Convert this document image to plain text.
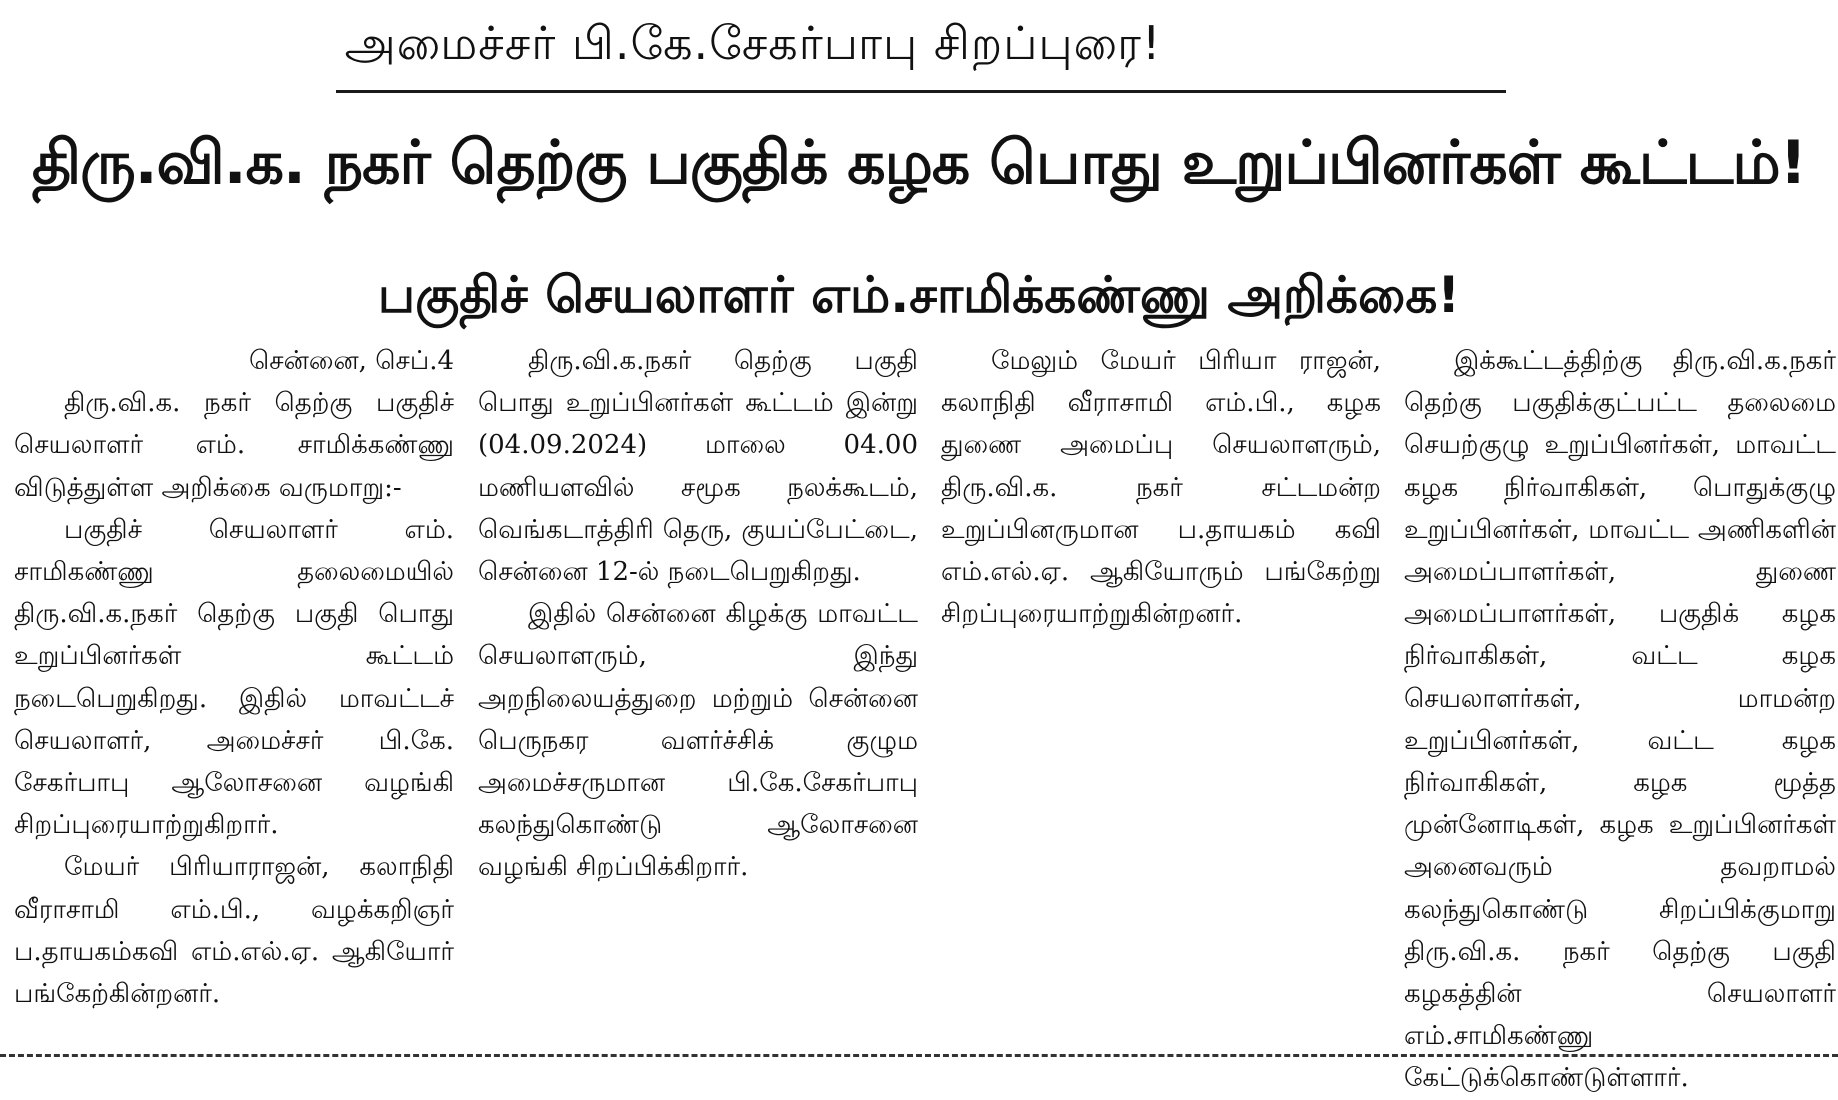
அமைச்சர் பி.கே.சேகர்பாபு சிறப்புரை!
திரு.வி.க. நகர் தெற்கு பகுதிக் கழக பொது உறுப்பினர்கள் கூட்டம்!
பகுதிச் செயலாளர் எம்.சாமிக்கண்ணு அறிக்கை!

சென்னை, செப்.4

திரு.வி.க. நகர் தெற்கு பகுதிச் செயலாளர் எம். சாமிக்கண்ணு விடுத்துள்ள அறிக்கை வருமாறு:-

பகுதிச் செயலாளர் எம். சாமிகண்ணு தலைமையில் திரு.வி.க.நகர் தெற்கு பகுதி பொது உறுப்பினர்கள் கூட்டம் நடைபெறுகிறது. இதில் மாவட்டச் செயலாளர், அமைச்சர் பி.கே. சேகர்பாபு ஆலோசனை வழங்கி சிறப்புரையாற்றுகிறார்.

மேயர் பிரியாராஜன், கலாநிதி வீராசாமி எம்.பி., வழக்கறிஞர் ப.தாயகம்கவி எம்.எல்.ஏ. ஆகியோர் பங்கேற்கின்றனர்.

திரு.வி.க.நகர் தெற்கு பகுதி பொது உறுப்பினர்கள் கூட்டம் இன்று (04.09.2024) மாலை 04.00 மணியளவில் சமூக நலக்கூடம், வெங்கடாத்திரி தெரு, குயப்பேட்டை, சென்னை 12-ல் நடைபெறுகிறது.

இதில் சென்னை கிழக்கு மாவட்ட செயலாளரும், இந்து அறநிலையத்துறை மற்றும் சென்னை பெருநகர வளர்ச்சிக் குழும அமைச்சருமான பி.கே.சேகர்பாபு கலந்துகொண்டு ஆலோசனை வழங்கி சிறப்பிக்கிறார்.

மேலும் மேயர் பிரியா ராஜன், கலாநிதி வீராசாமி எம்.பி., கழக துணை அமைப்பு செயலாளரும், திரு.வி.க. நகர் சட்டமன்ற உறுப்பினருமான ப.தாயகம் கவி எம்.எல்.ஏ. ஆகியோரும் பங்கேற்று சிறப்புரையாற்றுகின்றனர்.

இக்கூட்டத்திற்கு திரு.வி.க.நகர் தெற்கு பகுதிக்குட்பட்ட தலைமை செயற்குழு உறுப்பினர்கள், மாவட்ட கழக நிர்வாகிகள், பொதுக்குழு உறுப்பினர்கள், மாவட்ட அணிகளின் அமைப்பாளர்கள், துணை அமைப்பாளர்கள், பகுதிக் கழக நிர்வாகிகள், வட்ட கழக செயலாளர்கள், மாமன்ற உறுப்பினர்கள், வட்ட கழக நிர்வாகிகள், கழக மூத்த முன்னோடிகள், கழக உறுப்பினர்கள் அனைவரும் தவறாமல் கலந்துகொண்டு சிறப்பிக்குமாறு திரு.வி.க. நகர் தெற்கு பகுதி கழகத்தின் செயலாளர் எம்.சாமிகண்ணு கேட்டுக்கொண்டுள்ளார்.
